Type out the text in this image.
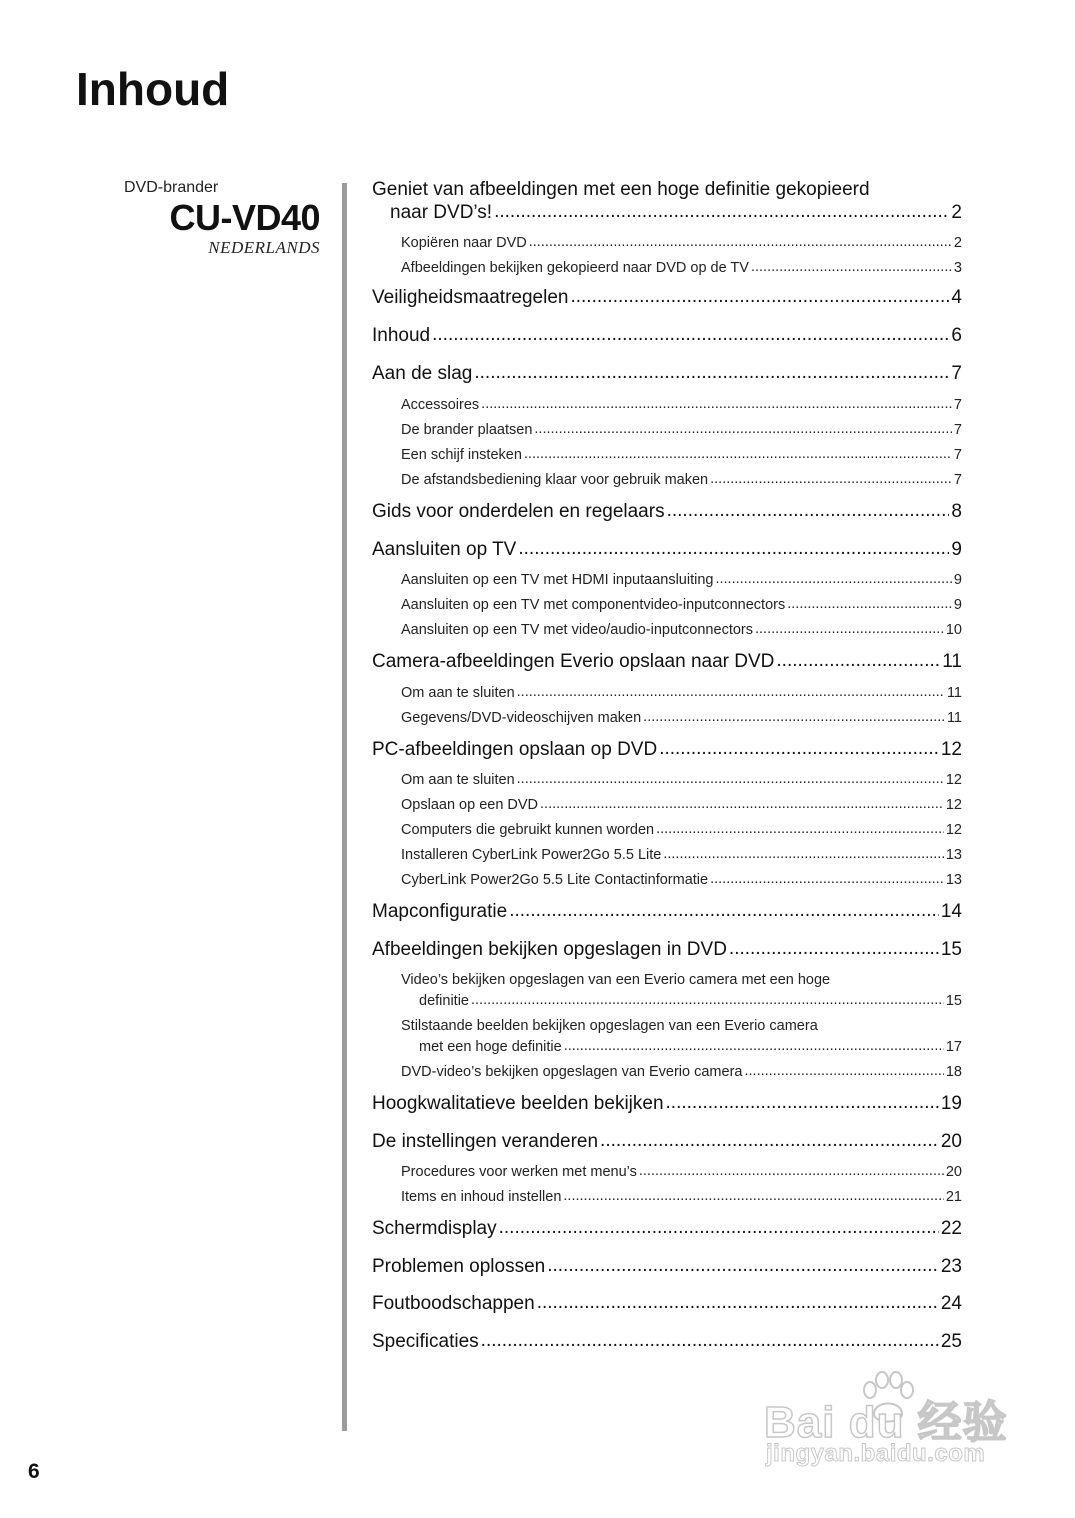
Inhoud
DVD-brander
CU-VD40
NEDERLANDS
Geniet van afbeeldingen met een hoge definitie gekopieerd
naar DVD’s! .....	2
Kopiëren naar DVD .....	2
Afbeeldingen bekijken gekopieerd naar DVD op de TV .....	3
Veiligheidsmaatregelen .....	4
Inhoud .....	6
Aan de slag .....	7
Accessoires .....	7
De brander plaatsen .....	7
Een schijf insteken .....	7
De afstandsbediening klaar voor gebruik maken .....	7
Gids voor onderdelen en regelaars .....	8
Aansluiten op TV .....	9
Aansluiten op een TV met HDMI inputaansluiting .....	9
Aansluiten op een TV met componentvideo-inputconnectors .....	9
Aansluiten op een TV met video/audio-inputconnectors .....	10
Camera-afbeeldingen Everio opslaan naar DVD .....	11
Om aan te sluiten .....	11
Gegevens/DVD-videoschijven maken .....	11
PC-afbeeldingen opslaan op DVD .....	12
Om aan te sluiten .....	12
Opslaan op een DVD .....	12
Computers die gebruikt kunnen worden .....	12
Installeren CyberLink Power2Go 5.5 Lite .....	13
CyberLink Power2Go 5.5 Lite Contactinformatie .....	13
Mapconfiguratie .....	14
Afbeeldingen bekijken opgeslagen in DVD .....	15
Video’s bekijken opgeslagen van een Everio camera met een hoge
definitie .....	15
Stilstaande beelden bekijken opgeslagen van een Everio camera
met een hoge definitie .....	17
DVD-video’s bekijken opgeslagen van Everio camera .....	18
Hoogkwalitatieve beelden bekijken .....	19
De instellingen veranderen .....	20
Procedures voor werken met menu’s .....	20
Items en inhoud instellen .....	21
Schermdisplay .....	22
Problemen oplossen .....	23
Foutboodschappen .....	24
Specificaties .....	25
6
Bai du 经验
jingyan.baidu.com
